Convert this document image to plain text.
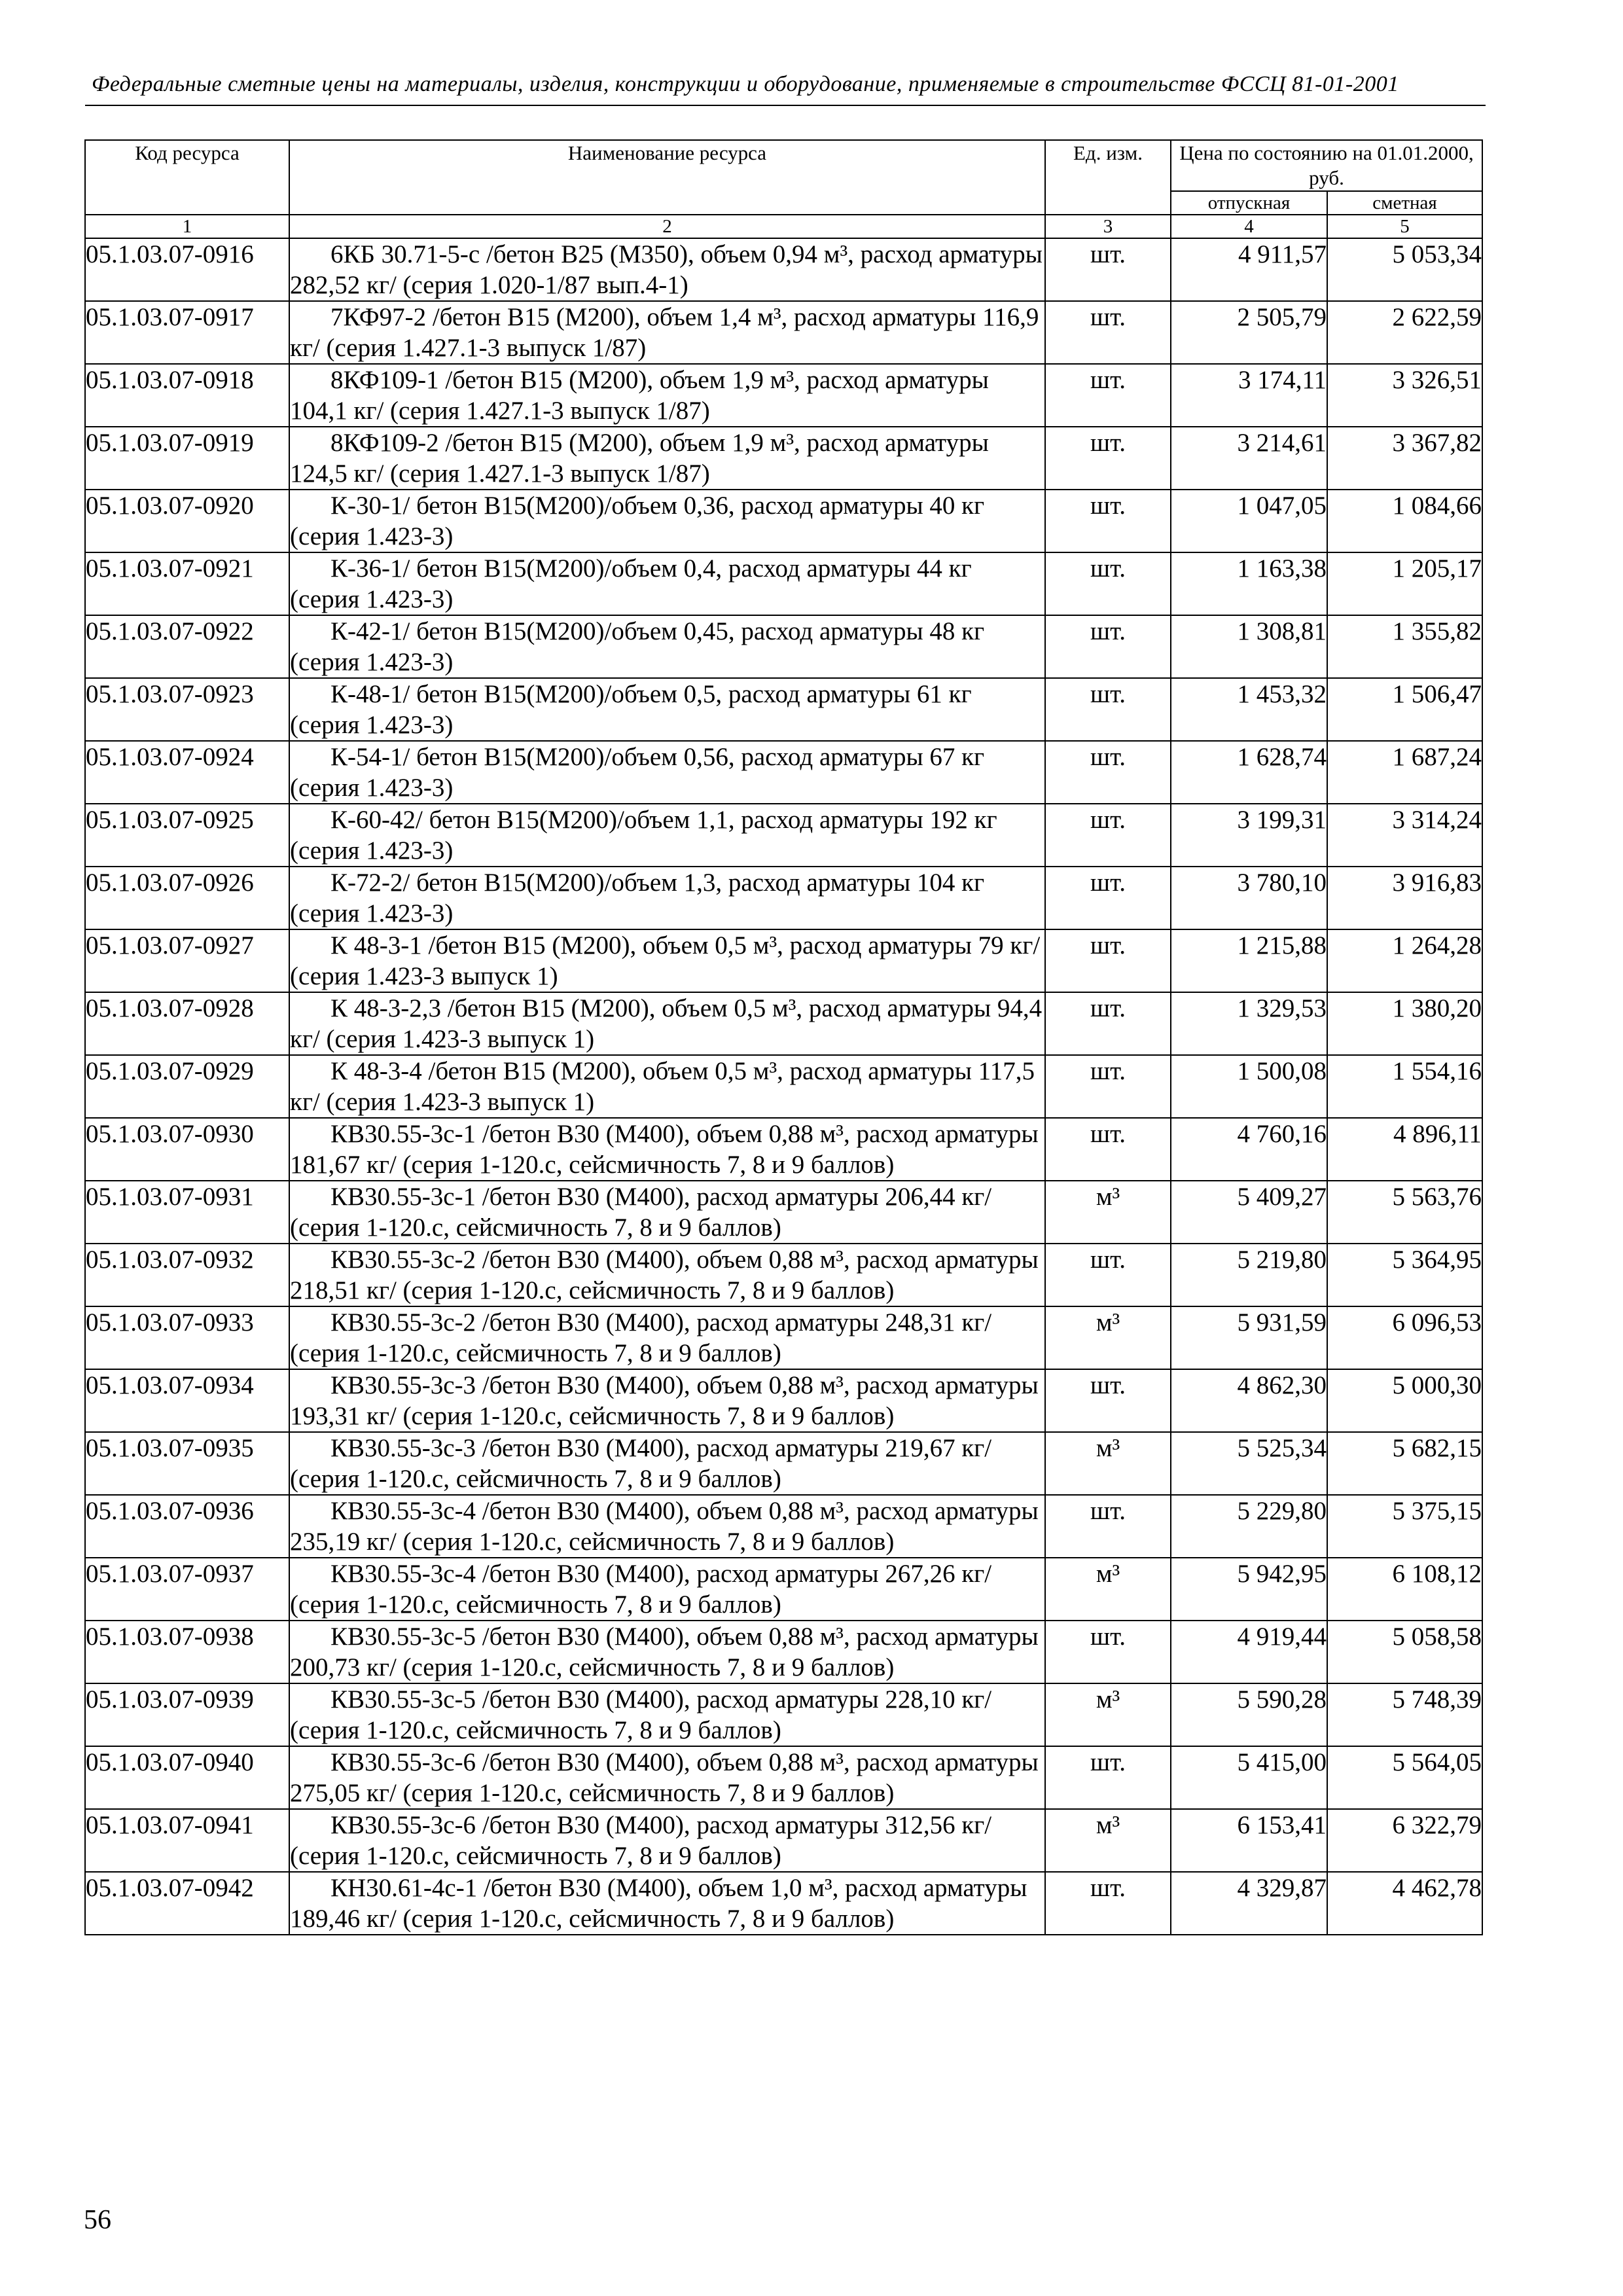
Федеральные сметные цены на материалы, изделия, конструкции и оборудование, применяемые в строительстве ФССЦ 81-01-2001
Код ресурса	Наименование ресурса	Ед. изм.	Цена по состоянию на 01.01.2000, руб.	
			отпускная	сметная
1	2	3	4	5
05.1.03.07-0916	6КБ 30.71-5-с /бетон В25 (М350), объем 0,94 м³, расход арматуры 282,52 кг/ (серия 1.020-1/87 вып.4-1)	шт.	4 911,57	5 053,34
05.1.03.07-0917	7КФ97-2 /бетон В15 (М200), объем 1,4 м³, расход арматуры 116,9 кг/ (серия 1.427.1-3 выпуск 1/87)	шт.	2 505,79	2 622,59
05.1.03.07-0918	8КФ109-1 /бетон В15 (М200), объем 1,9 м³, расход арматуры 104,1 кг/ (серия 1.427.1-3 выпуск 1/87)	шт.	3 174,11	3 326,51
05.1.03.07-0919	8КФ109-2 /бетон В15 (М200), объем 1,9 м³, расход арматуры 124,5 кг/ (серия 1.427.1-3 выпуск 1/87)	шт.	3 214,61	3 367,82
05.1.03.07-0920	К-30-1/ бетон В15(М200)/объем 0,36, расход арматуры 40 кг (серия 1.423-3)	шт.	1 047,05	1 084,66
05.1.03.07-0921	К-36-1/ бетон В15(М200)/объем 0,4, расход арматуры 44 кг (серия 1.423-3)	шт.	1 163,38	1 205,17
05.1.03.07-0922	К-42-1/ бетон В15(М200)/объем 0,45, расход арматуры 48 кг (серия 1.423-3)	шт.	1 308,81	1 355,82
05.1.03.07-0923	К-48-1/ бетон В15(М200)/объем 0,5, расход арматуры 61 кг (серия 1.423-3)	шт.	1 453,32	1 506,47
05.1.03.07-0924	К-54-1/ бетон В15(М200)/объем 0,56, расход арматуры 67 кг (серия 1.423-3)	шт.	1 628,74	1 687,24
05.1.03.07-0925	К-60-42/ бетон В15(М200)/объем 1,1, расход арматуры 192 кг (серия 1.423-3)	шт.	3 199,31	3 314,24
05.1.03.07-0926	К-72-2/ бетон В15(М200)/объем 1,3, расход арматуры 104 кг (серия 1.423-3)	шт.	3 780,10	3 916,83
05.1.03.07-0927	К 48-3-1 /бетон В15 (М200), объем 0,5 м³, расход арматуры 79 кг/ (серия 1.423-3 выпуск 1)	шт.	1 215,88	1 264,28
05.1.03.07-0928	К 48-3-2,3 /бетон В15 (М200), объем 0,5 м³, расход арматуры 94,4 кг/ (серия 1.423-3 выпуск 1)	шт.	1 329,53	1 380,20
05.1.03.07-0929	К 48-3-4 /бетон В15 (М200), объем 0,5 м³, расход арматуры 117,5 кг/ (серия 1.423-3 выпуск 1)	шт.	1 500,08	1 554,16
05.1.03.07-0930	КВ30.55-3с-1 /бетон В30 (М400), объем 0,88 м³, расход арматуры 181,67 кг/ (серия 1-120.с, сейсмичность 7, 8 и 9 баллов)	шт.	4 760,16	4 896,11
05.1.03.07-0931	КВ30.55-3с-1 /бетон В30 (М400), расход арматуры 206,44 кг/ (серия 1-120.с, сейсмичность 7, 8 и 9 баллов)	м³	5 409,27	5 563,76
05.1.03.07-0932	КВ30.55-3с-2 /бетон В30 (М400), объем 0,88 м³, расход арматуры 218,51 кг/ (серия 1-120.с, сейсмичность 7, 8 и 9 баллов)	шт.	5 219,80	5 364,95
05.1.03.07-0933	КВ30.55-3с-2 /бетон В30 (М400), расход арматуры 248,31 кг/ (серия 1-120.с, сейсмичность 7, 8 и 9 баллов)	м³	5 931,59	6 096,53
05.1.03.07-0934	КВ30.55-3с-3 /бетон В30 (М400), объем 0,88 м³, расход арматуры 193,31 кг/ (серия 1-120.с, сейсмичность 7, 8 и 9 баллов)	шт.	4 862,30	5 000,30
05.1.03.07-0935	КВ30.55-3с-3 /бетон В30 (М400), расход арматуры 219,67 кг/ (серия 1-120.с, сейсмичность 7, 8 и 9 баллов)	м³	5 525,34	5 682,15
05.1.03.07-0936	КВ30.55-3с-4 /бетон В30 (М400), объем 0,88 м³, расход арматуры 235,19 кг/ (серия 1-120.с, сейсмичность 7, 8 и 9 баллов)	шт.	5 229,80	5 375,15
05.1.03.07-0937	КВ30.55-3с-4 /бетон В30 (М400), расход арматуры 267,26 кг/ (серия 1-120.с, сейсмичность 7, 8 и 9 баллов)	м³	5 942,95	6 108,12
05.1.03.07-0938	КВ30.55-3с-5 /бетон В30 (М400), объем 0,88 м³, расход арматуры 200,73 кг/ (серия 1-120.с, сейсмичность 7, 8 и 9 баллов)	шт.	4 919,44	5 058,58
05.1.03.07-0939	КВ30.55-3с-5 /бетон В30 (М400), расход арматуры 228,10 кг/ (серия 1-120.с, сейсмичность 7, 8 и 9 баллов)	м³	5 590,28	5 748,39
05.1.03.07-0940	КВ30.55-3с-6 /бетон В30 (М400), объем 0,88 м³, расход арматуры 275,05 кг/ (серия 1-120.с, сейсмичность 7, 8 и 9 баллов)	шт.	5 415,00	5 564,05
05.1.03.07-0941	КВ30.55-3с-6 /бетон В30 (М400), расход арматуры 312,56 кг/ (серия 1-120.с, сейсмичность 7, 8 и 9 баллов)	м³	6 153,41	6 322,79
05.1.03.07-0942	КН30.61-4с-1 /бетон В30 (М400), объем 1,0 м³, расход арматуры 189,46 кг/ (серия 1-120.с, сейсмичность 7, 8 и 9 баллов)	шт.	4 329,87	4 462,78
56
